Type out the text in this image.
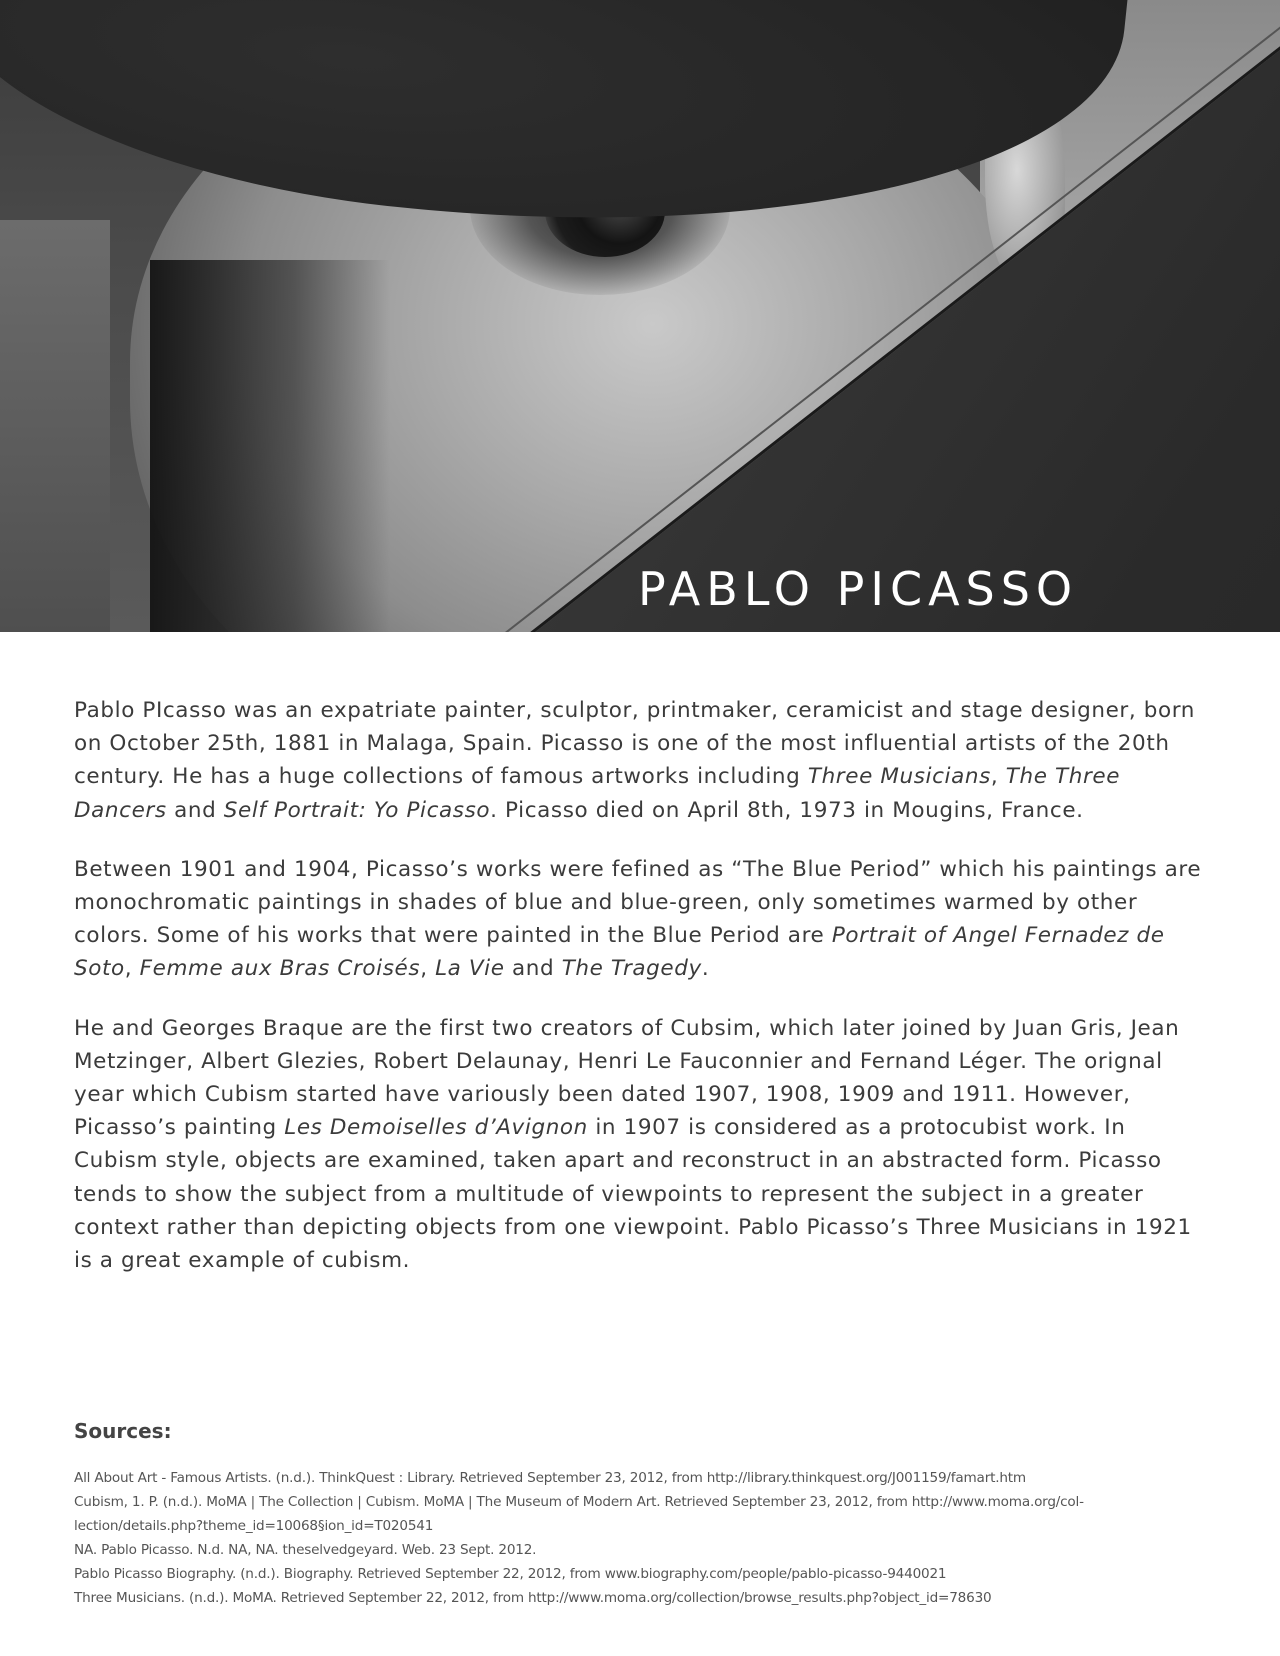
PABLO PICASSO

Pablo PIcasso was an expatriate painter, sculptor, printmaker, ceramicist and stage designer, born on October 25th, 1881 in Malaga, Spain. Picasso is one of the most influential artists of the 20th century. He has a huge collections of famous artworks including Three Musicians, The Three Dancers and Self Portrait: Yo Picasso. Picasso died on April 8th, 1973 in Mougins, France.

Between 1901 and 1904, Picasso’s works were fefined as “The Blue Period” which his paintings are monochromatic paintings in shades of blue and blue-green, only sometimes warmed by other colors. Some of his works that were painted in the Blue Period are Portrait of Angel Fernadez de Soto, Femme aux Bras Croisés, La Vie and The Tragedy.

He and Georges Braque are the first two creators of Cubsim, which later joined by Juan Gris, Jean Metzinger, Albert Glezies, Robert Delaunay, Henri Le Fauconnier and Fernand Léger. The orignal year which Cubism started have variously been dated 1907, 1908, 1909 and 1911. However, Picasso’s painting Les Demoiselles d’Avignon in 1907 is considered as a protocubist work. In Cubism style, objects are examined, taken apart and reconstruct in an abstracted form. Picasso tends to show the subject from a multitude of viewpoints to represent the subject in a greater context rather than depicting objects from one viewpoint. Pablo Picasso’s Three Musicians in 1921 is a great example of cubism.

Sources:
All About Art - Famous Artists. (n.d.). ThinkQuest : Library. Retrieved September 23, 2012, from http://library.thinkquest.org/J001159/famart.htm
Cubism, 1. P. (n.d.). MoMA | The Collection | Cubism. MoMA | The Museum of Modern Art. Retrieved September 23, 2012, from http://www.moma.org/col-lection/details.php?theme_id=10068§ion_id=T020541
NA. Pablo Picasso. N.d. NA, NA. theselvedgeyard. Web. 23 Sept. 2012.
Pablo Picasso Biography. (n.d.). Biography. Retrieved September 22, 2012, from www.biography.com/people/pablo-picasso-9440021
Three Musicians. (n.d.). MoMA. Retrieved September 22, 2012, from http://www.moma.org/collection/browse_results.php?object_id=78630
